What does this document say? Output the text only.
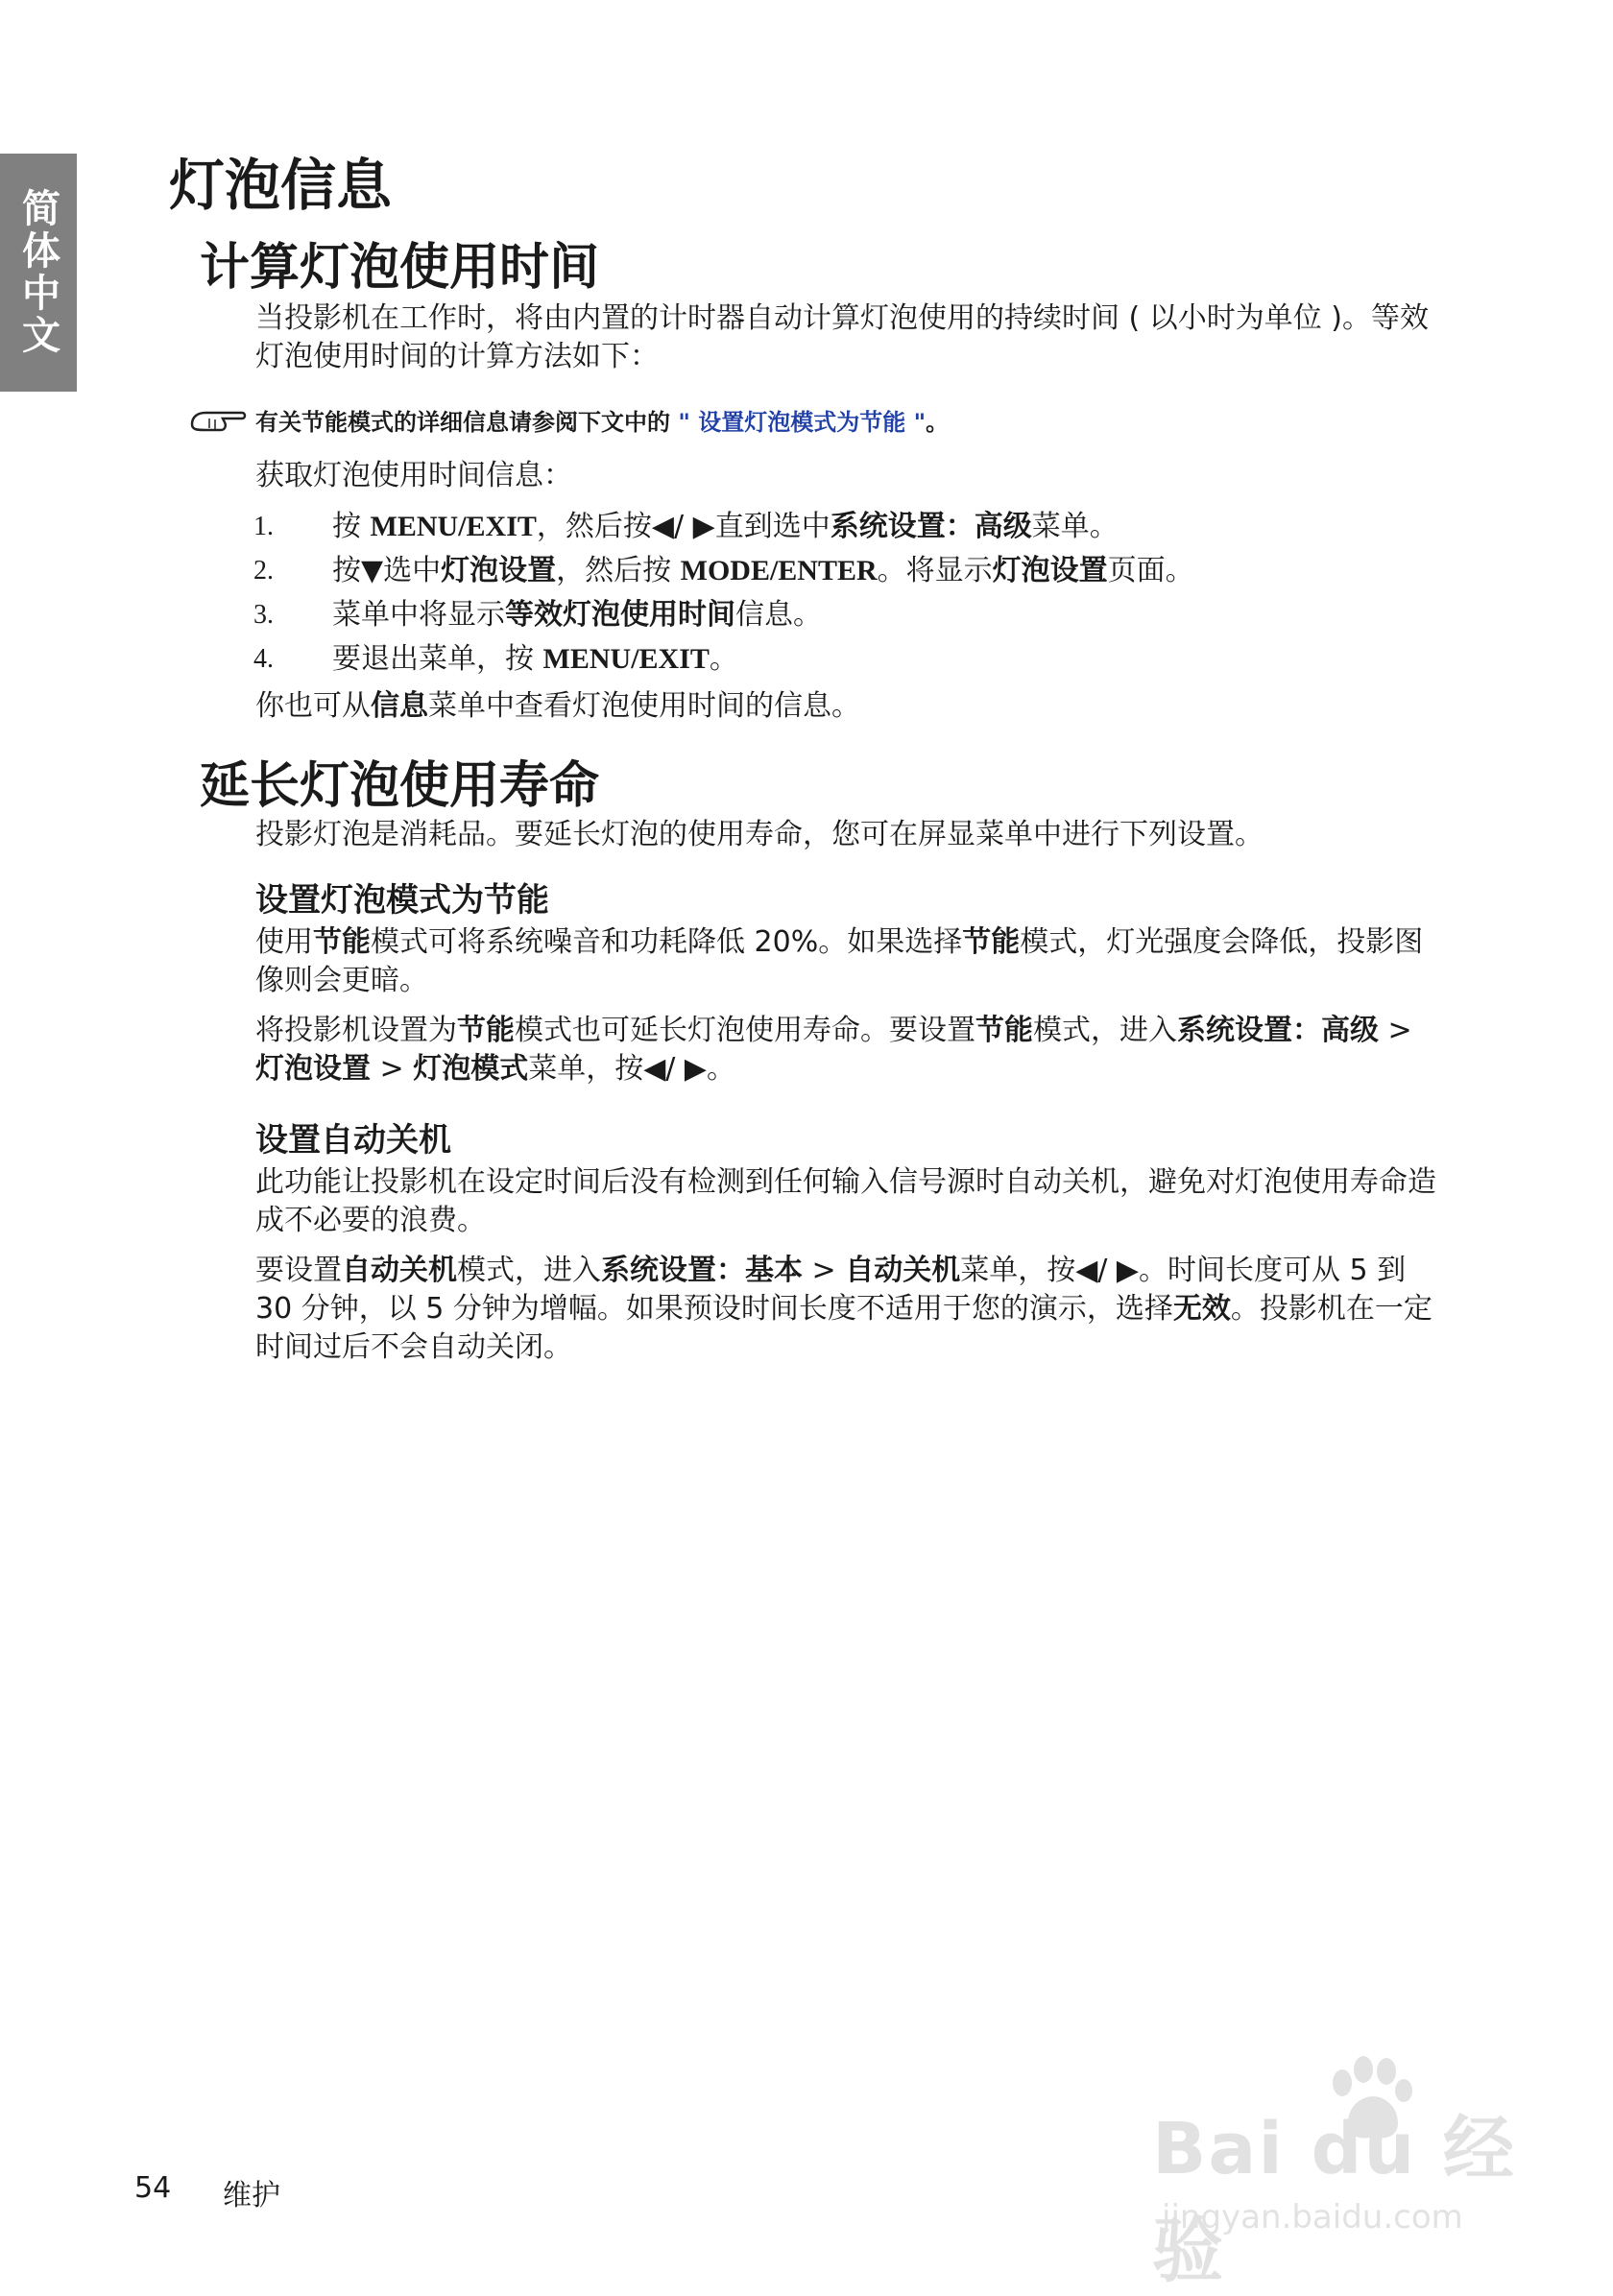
简体中文
灯泡信息
计算灯泡使用时间

当投影机在工作时，将由内置的计时器自动计算灯泡使用的持续时间 ( 以小时为单位 )。等效灯泡使用时间的计算方法如下：

有关节能模式的详细信息请参阅下文中的 " 设置灯泡模式为节能 "。

获取灯泡使用时间信息：

1. 按 MENU/EXIT，然后按◀/ ▶直到选中系统设置：高级菜单。
2. 按▼选中灯泡设置，然后按 MODE/ENTER。将显示灯泡设置页面。
3. 菜单中将显示等效灯泡使用时间信息。
4. 要退出菜单，按 MENU/EXIT。

你也可从信息菜单中查看灯泡使用时间的信息。

延长灯泡使用寿命

投影灯泡是消耗品。要延长灯泡的使用寿命，您可在屏显菜单中进行下列设置。

设置灯泡模式为节能

使用节能模式可将系统噪音和功耗降低 20%。如果选择节能模式，灯光强度会降低，投影图像则会更暗。

将投影机设置为节能模式也可延长灯泡使用寿命。要设置节能模式，进入系统设置：高级 > 灯泡设置 > 灯泡模式菜单，按◀/ ▶。

设置自动关机

此功能让投影机在设定时间后没有检测到任何输入信号源时自动关机，避免对灯泡使用寿命造成不必要的浪费。

要设置自动关机模式，进入系统设置：基本 > 自动关机菜单，按◀/ ▶。时间长度可从 5 到 30 分钟，以 5 分钟为增幅。如果预设时间长度不适用于您的演示，选择无效。投影机在一定时间过后不会自动关闭。

54 维护
Bai du 经验
jingyan.baidu.com
